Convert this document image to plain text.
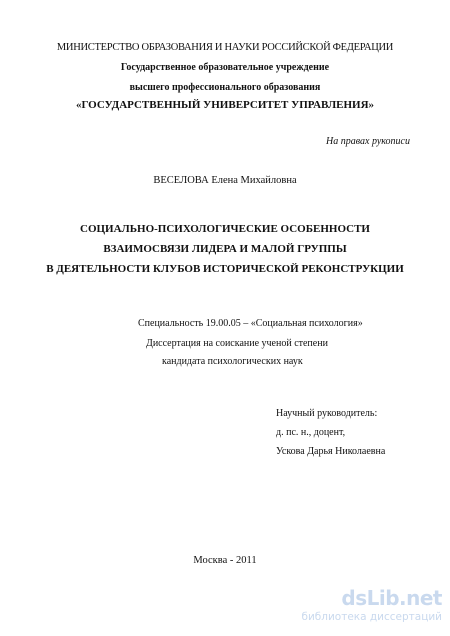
МИНИСТЕРСТВО ОБРАЗОВАНИЯ И НАУКИ РОССИЙСКОЙ ФЕДЕРАЦИИ
Государственное образовательное учреждение
высшего профессионального образования
«ГОСУДАРСТВЕННЫЙ УНИВЕРСИТЕТ УПРАВЛЕНИЯ»
На правах рукописи
ВЕСЕЛОВА Елена Михайловна
СОЦИАЛЬНО-ПСИХОЛОГИЧЕСКИЕ ОСОБЕННОСТИ
ВЗАИМОСВЯЗИ ЛИДЕРА И МАЛОЙ ГРУППЫ
В ДЕЯТЕЛЬНОСТИ КЛУБОВ ИСТОРИЧЕСКОЙ РЕКОНСТРУКЦИИ
Специальность 19.00.05 – «Социальная психология»
Диссертация на соискание ученой степени
кандидата психологических наук
Научный руководитель:
д. пс. н., доцент,
Ускова Дарья Николаевна
Москва - 2011
dsLib.net
библиотека диссертаций
